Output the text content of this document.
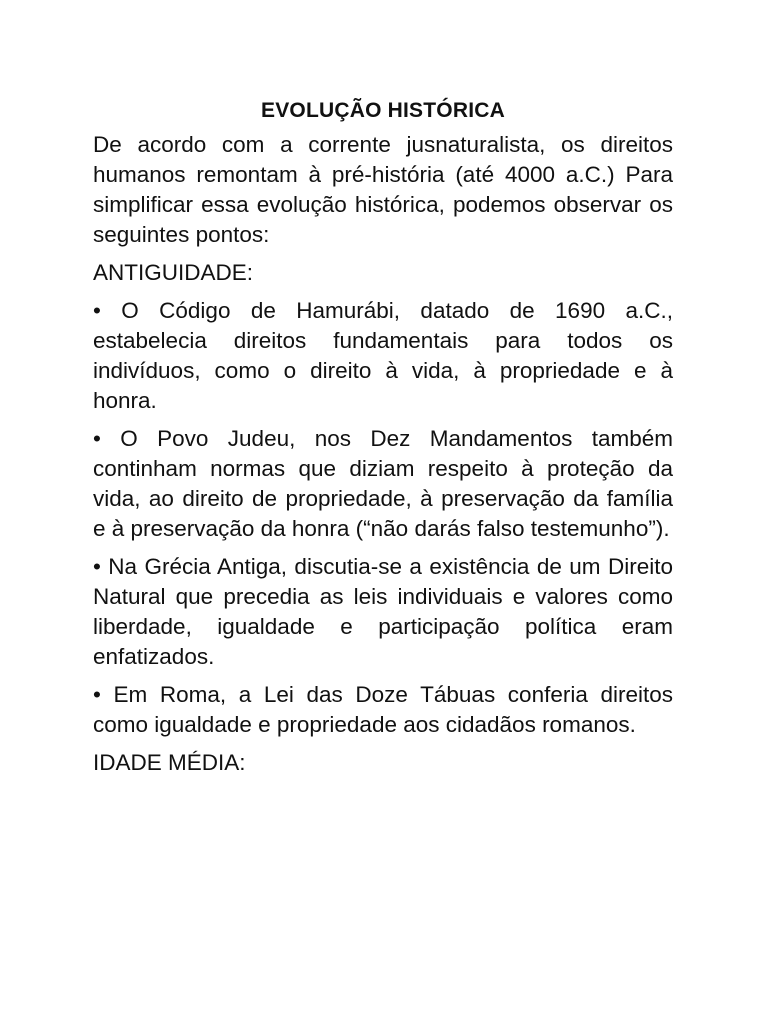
EVOLUÇÃO HISTÓRICA

De acordo com a corrente jusnaturalista, os direitos humanos remontam à pré-história (até 4000 a.C.) Para simplificar essa evolução histórica, podemos observar os seguintes pontos:

ANTIGUIDADE:

• O Código de Hamurábi, datado de 1690 a.C., estabelecia direitos fundamentais para todos os indivíduos, como o direito à vida, à propriedade e à honra.

• O Povo Judeu, nos Dez Mandamentos também continham normas que diziam respeito à proteção da vida, ao direito de propriedade, à preservação da família e à preservação da honra (“não darás falso testemunho”).

• Na Grécia Antiga, discutia-se a existência de um Direito Natural que precedia as leis individuais e valores como liberdade, igualdade e participação política eram enfatizados.

• Em Roma, a Lei das Doze Tábuas conferia direitos como igualdade e propriedade aos cidadãos romanos.

IDADE MÉDIA:
